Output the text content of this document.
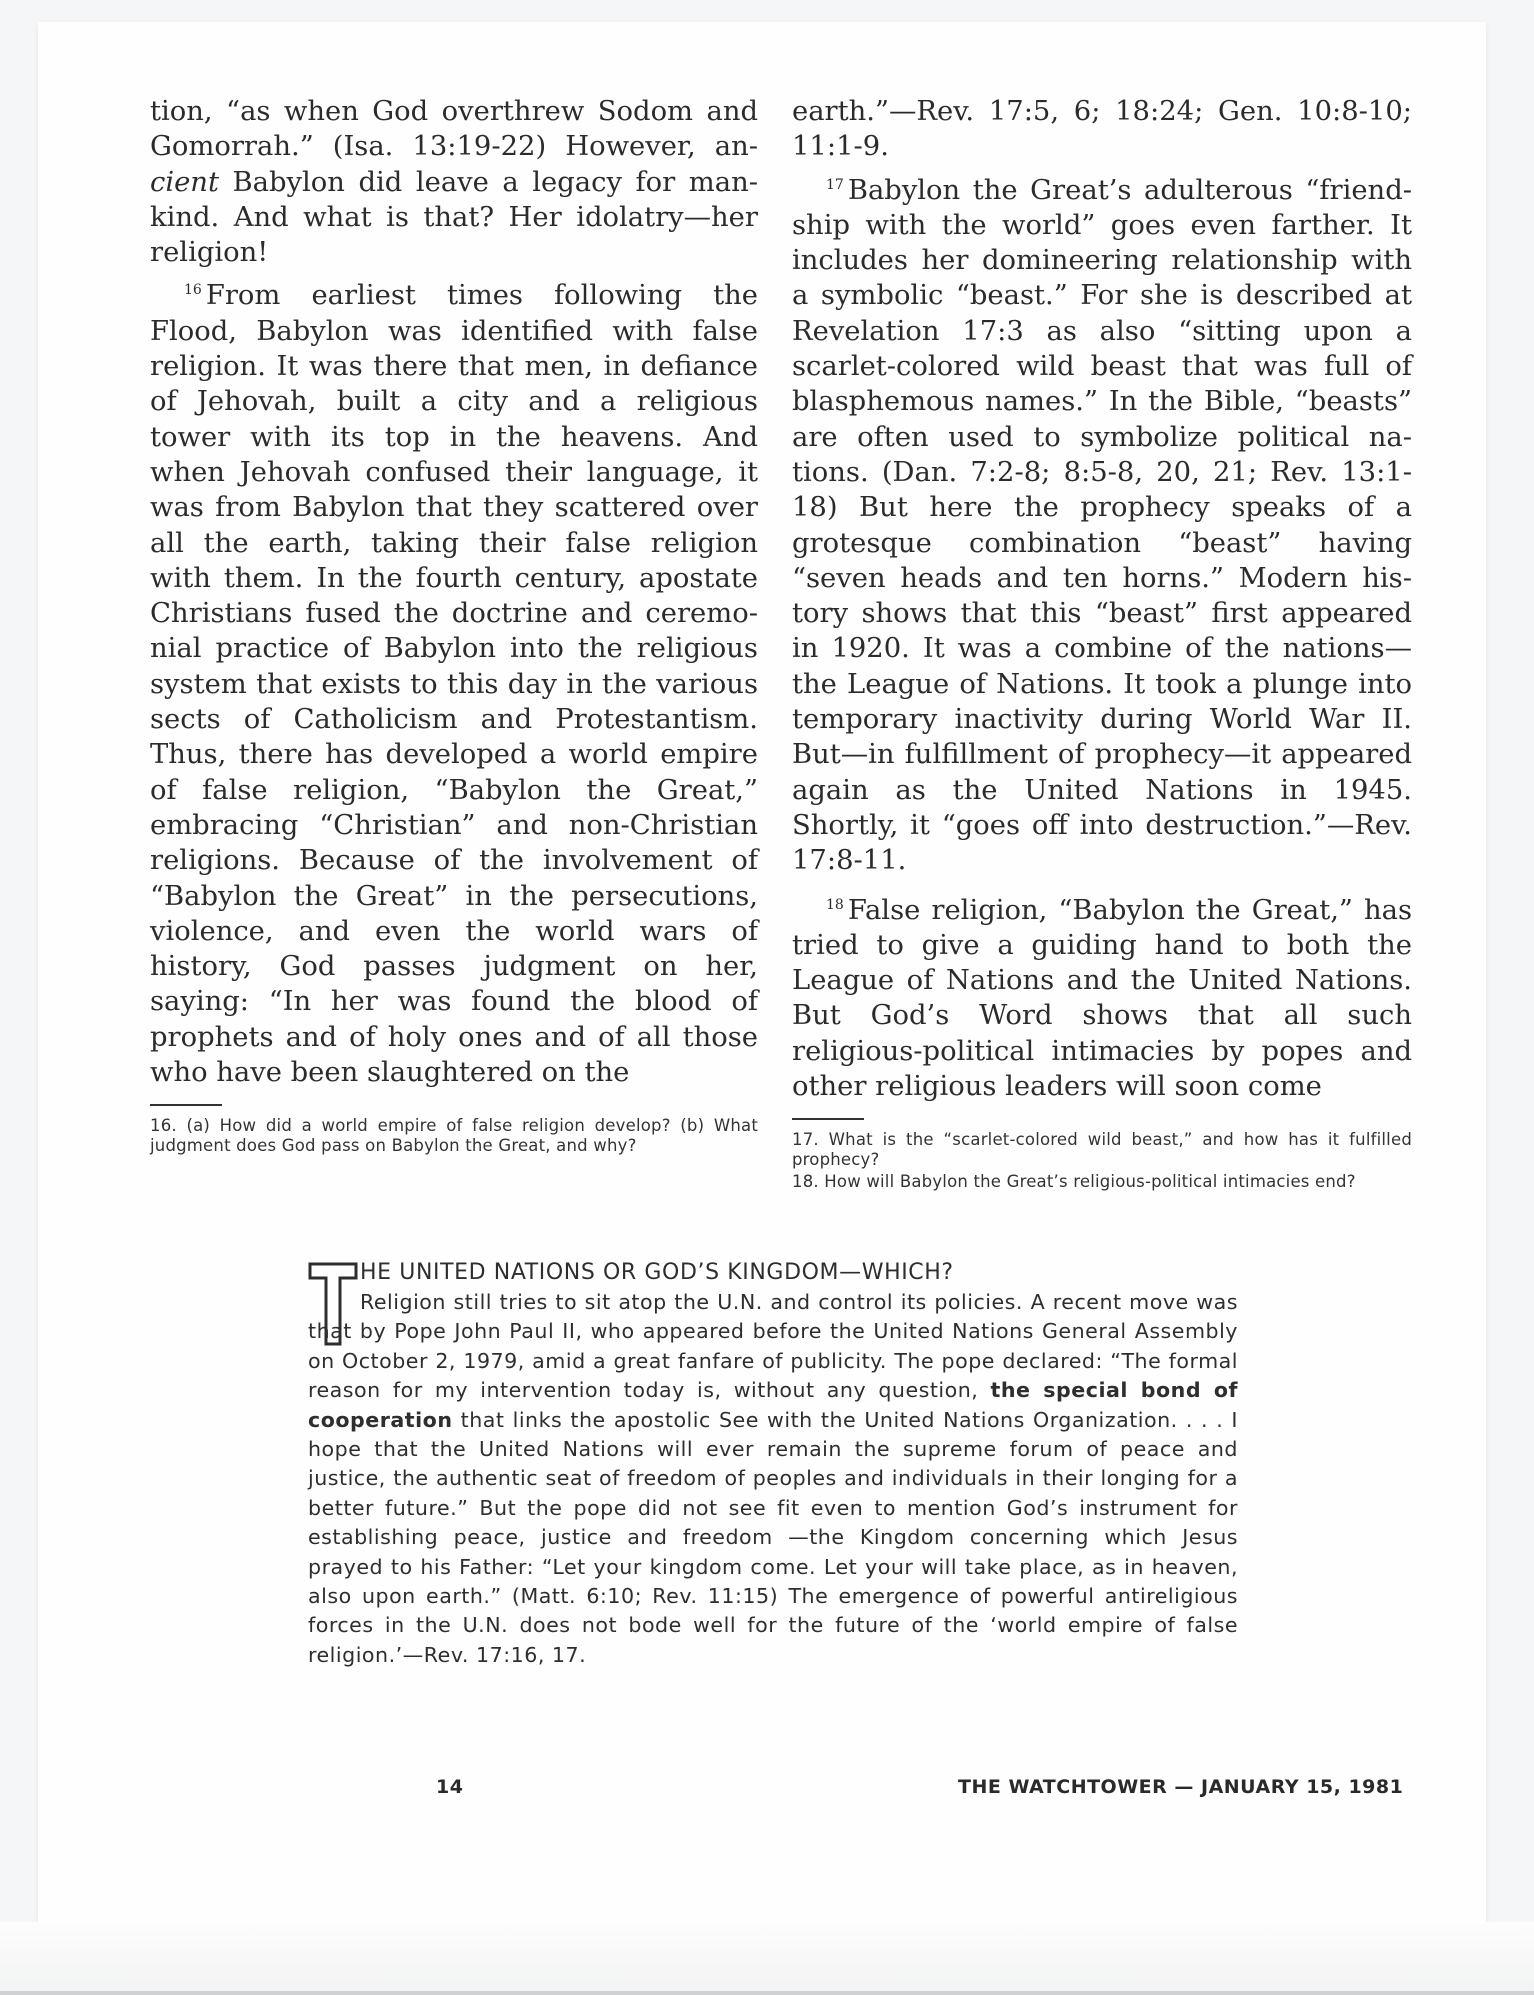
tion, “as when God overthrew Sodom and Gomorrah.” (Isa. 13:19-22) However, ancient Babylon did leave a legacy for mankind. And what is that? Her idolatry—her religion!

$^{16}$ From earliest times following the Flood, Babylon was identified with false religion. It was there that men, in defiance of Jehovah, built a city and a religious tower with its top in the heavens. And when Jehovah confused their language, it was from Babylon that they scattered over all the earth, taking their false religion with them. In the fourth century, apostate Christians fused the doctrine and ceremonial practice of Babylon into the religious system that exists to this day in the various sects of Catholicism and Protestantism. Thus, there has developed a world empire of false religion, “Babylon the Great,” embracing “Christian” and non-Christian religions. Because of the involvement of “Babylon the Great” in the persecutions, violence, and even the world wars of history, God passes judgment on her, saying: “In her was found the blood of prophets and of holy ones and of all those who have been slaughtered on the

16. (a) How did a world empire of false religion develop? (b) What judgment does God pass on Babylon the Great, and why?

earth.”—Rev. 17:5, 6; 18:24; Gen. 10:8-10; 11:1-9.

$^{17}$ Babylon the Great’s adulterous “friendship with the world” goes even farther. It includes her domineering relationship with a symbolic “beast.” For she is described at Revelation 17:3 as also “sitting upon a scarlet-colored wild beast that was full of blasphemous names.” In the Bible, “beasts” are often used to symbolize political nations. (Dan. 7:2-8; 8:5-8, 20, 21; Rev. 13:1-18) But here the prophecy speaks of a grotesque combination “beast” having “seven heads and ten horns.” Modern history shows that this “beast” first appeared in 1920. It was a combine of the nations—the League of Nations. It took a plunge into temporary inactivity during World War II. But—in fulfillment of prophecy—it appeared again as the United Nations in 1945. Shortly, it “goes off into destruction.”—Rev. 17:8-11.

$^{18}$ False religion, “Babylon the Great,” has tried to give a guiding hand to both the League of Nations and the United Nations. But God’s Word shows that all such religious-political intimacies by popes and other religious leaders will soon come

17. What is the “scarlet-colored wild beast,” and how has it fulfilled prophecy?

18. How will Babylon the Great’s religious-political intimacies end?

HE UNITED NATIONS OR GOD’S KINGDOM—WHICH?

Religion still tries to sit atop the U.N. and control its policies. A recent move was that by Pope John Paul II, who appeared before the United Nations General Assembly on October 2, 1979, amid a great fanfare of publicity. The pope declared: “The formal reason for my intervention today is, without any question, the special bond of cooperation that links the apostolic See with the United Nations Organization. . . . I hope that the United Nations will ever remain the supreme forum of peace and justice, the authentic seat of freedom of peoples and individuals in their longing for a better future.” But the pope did not see fit even to mention God’s instrument for establishing peace, justice and freedom —the Kingdom concerning which Jesus prayed to his Father: “Let your kingdom come. Let your will take place, as in heaven, also upon earth.” (Matt. 6:10; Rev. 11:15) The emergence of powerful antireligious forces in the U.N. does not bode well for the future of the ‘world empire of false religion.’—Rev. 17:16, 17.

14	THE WATCHTOWER — JANUARY 15, 1981
